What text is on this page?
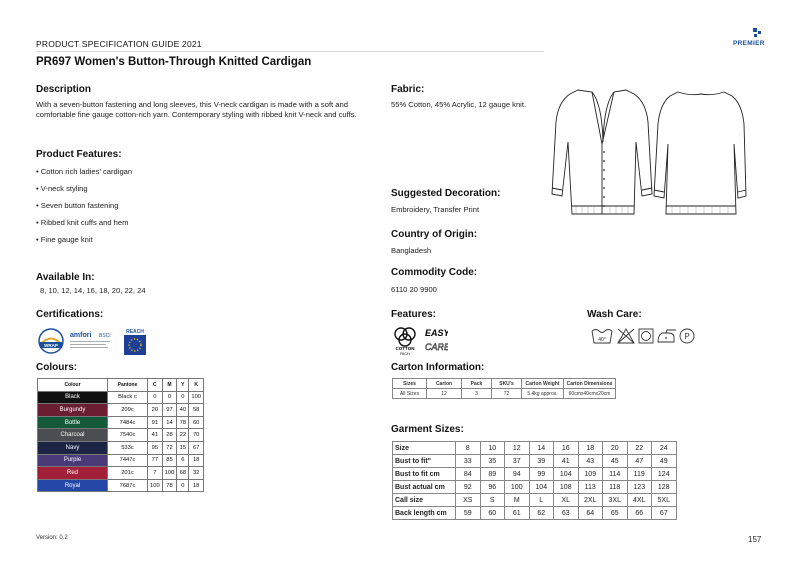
PRODUCT SPECIFICATION GUIDE 2021	PREMIER
PR697 Women's Button-Through Knitted Cardigan
Description
With a seven-button fastening and long sleeves, this V-neck cardigan is made with a soft and comfortable fine gauge cotton-rich yarn. Contemporary styling with ribbed knit V-neck and cuffs.
Product Features:
• Cotton rich ladies' cardigan
• V-neck styling
• Seven button fastening
• Ribbed knit cuffs and hem
• Fine gauge knit
Available In:
8, 10, 12, 14, 16, 18, 20, 22, 24
Certifications:
WRAP
amfori BSCI
REACH
Colours:
Colour	Pantone	C	M	Y	K
Black	Black c	0	0	0	100
Burgundy	209c	20	97	40	58
Bottle	7484c	91	14	78	60
Charcoal	7540c	41	28	22	70
Navy	533c	95	72	15	67
Purple	7447c	77	85	6	18
Red	201c	7	100	68	32
Royal	7687c	100	78	0	18
Fabric:
55% Cotton, 45% Acrylic, 12 gauge knit.
Suggested Decoration:
Embroidery, Transfer Print
Country of Origin:
Bangladesh
Commodity Code:
6110 20 9900
Features:
COTTON
RICH
EASY
CARE
Wash Care:
40°	P
Carton Information:
Sizes	Carton	Pack	SKU's	Carton Weight	Carton Dimensions
All Sizes	12	3	72	5.4kg approx.	60cmx40cmx20cm
Garment Sizes:
Size	8	10	12	14	16	18	20	22	24
Bust to fit"	33	35	37	39	41	43	45	47	49
Bust to fit cm	84	89	94	99	104	109	114	119	124
Bust actual cm	92	96	100	104	108	113	118	123	128
Call size	XS	S	M	L	XL	2XL	3XL	4XL	5XL
Back length cm	59	60	61	62	63	64	65	66	67
Version: 0.2	157
